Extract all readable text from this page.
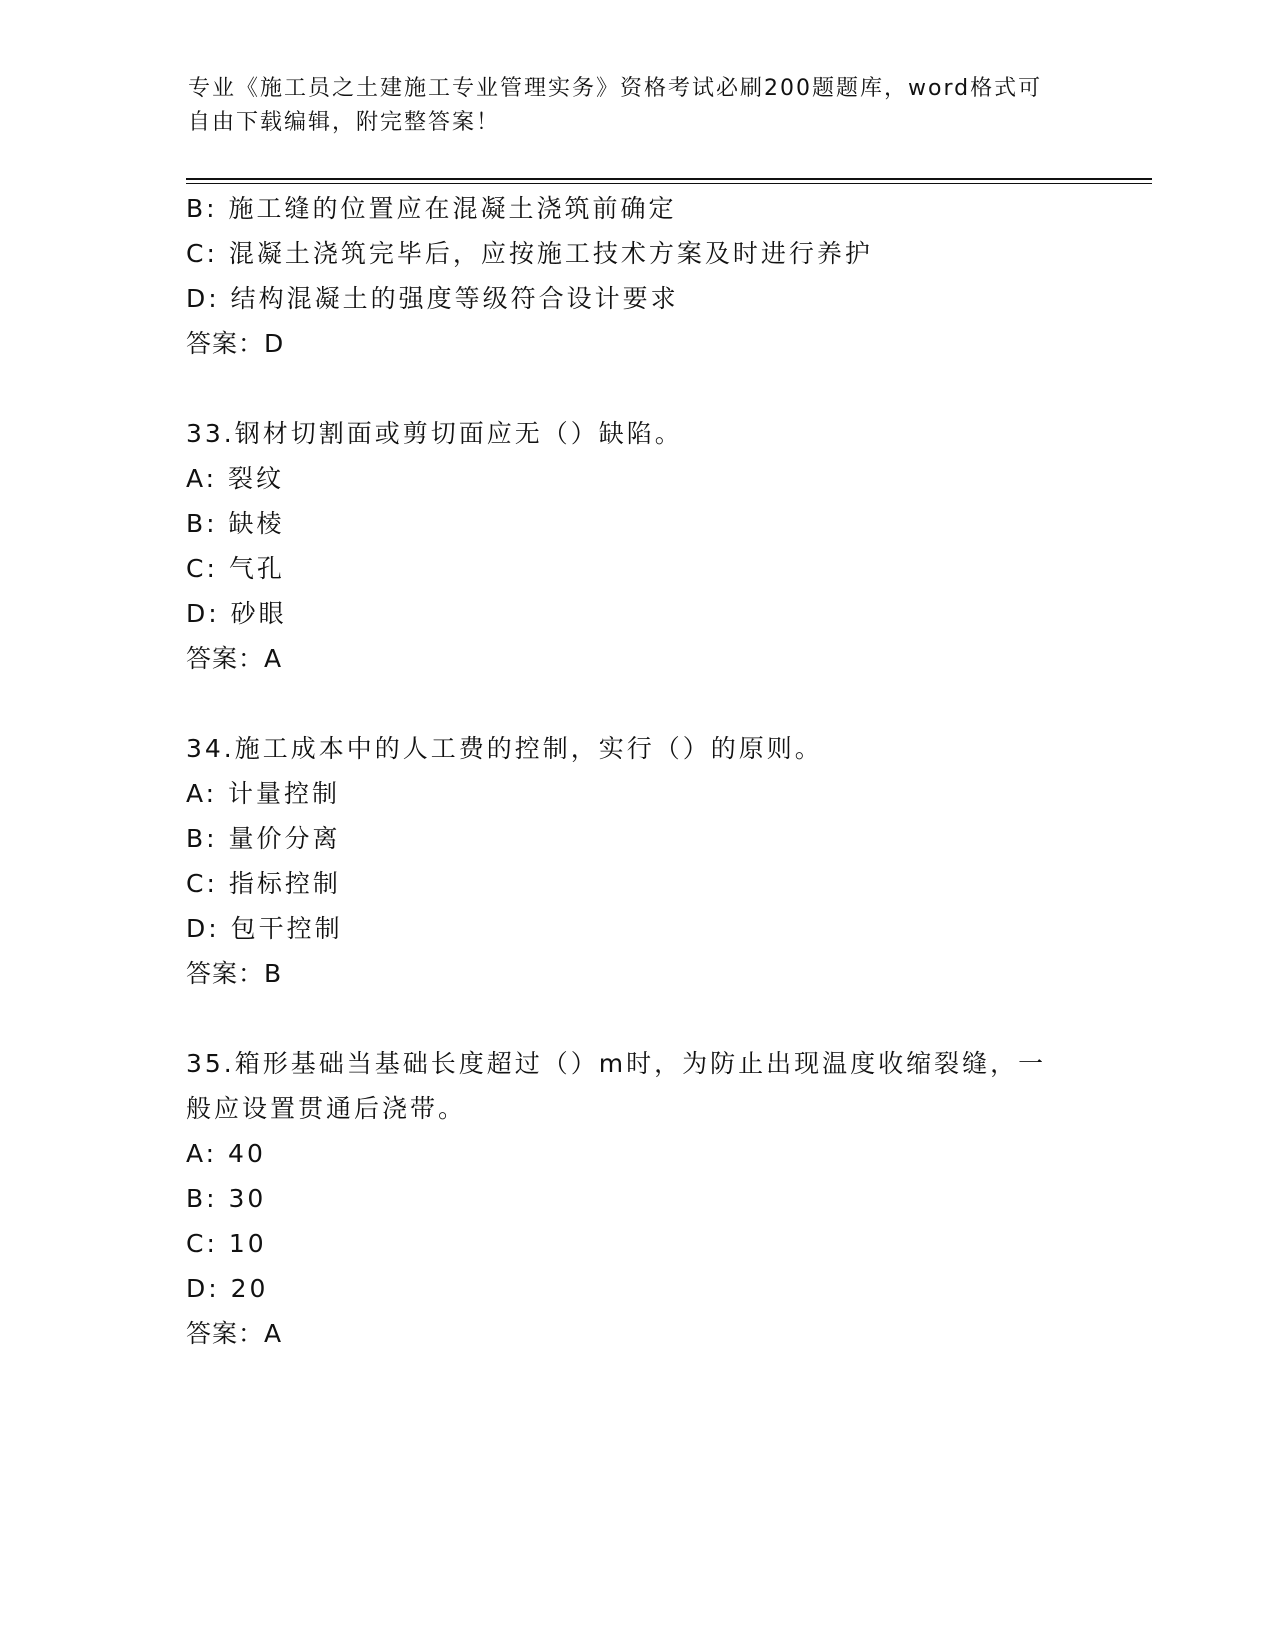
专业《施工员之土建施工专业管理实务》资格考试必刷200题题库，word格式可
自由下载编辑，附完整答案！
B: 施工缝的位置应在混凝土浇筑前确定
C: 混凝土浇筑完毕后，应按施工技术方案及时进行养护
D: 结构混凝土的强度等级符合设计要求
答案：D
33.钢材切割面或剪切面应无（）缺陷。
A: 裂纹
B: 缺棱
C: 气孔
D: 砂眼
答案：A
34.施工成本中的人工费的控制，实行（）的原则。
A: 计量控制
B: 量价分离
C: 指标控制
D: 包干控制
答案：B
35.箱形基础当基础长度超过（）m时，为防止出现温度收缩裂缝，一
般应设置贯通后浇带。
A: 40
B: 30
C: 10
D: 20
答案：A
